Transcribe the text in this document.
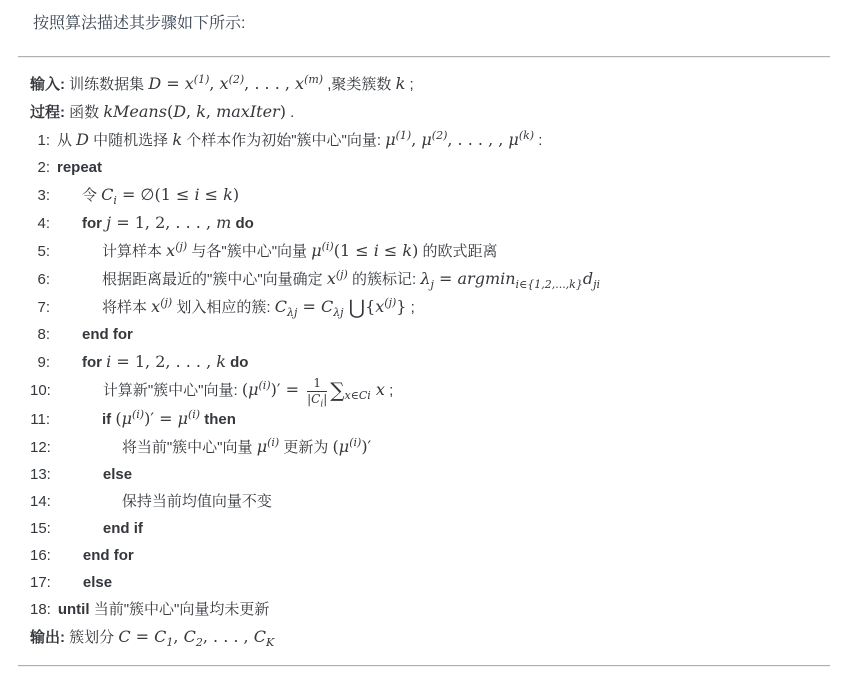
按照算法描述其步骤如下所示:

输入: 训练数据集 $D = x^{(1)}$, $x^{(2)}$, . . . , $x^{(m)}$ ,聚类簇数 k ;
过程: 函数 kMeans(D, k, maxIter) .
1: 从 D 中随机选择 k 个样本作为初始"簇中心"向量: $\mu^{(1)}$, $\mu^{(2)}$, . . . , , $\mu^{(k)}$ :
2: repeat
3: 令 $C_i$ = ∅(1 ≤ i ≤ k)
4: for j = 1, 2, . . . , m do
5:	计算样本 $x^{(j)}$ 与各"簇中心"向量 $\mu^{(i)}(1 \le i \le k)$ 的欧式距离
6:	根据距离最近的"簇中心"向量确定 $x^{(j)}$ 的簇标记: $\lambda_j = argmin_{i\in\{1,2,...,k\}}d_{ji}$
7:	将样本 $x^{(j)}$ 划入相应的簇: $C_{\lambda j} = C_{\lambda j}$ $⋃\{x^{(j)}\}$ ;
8: end for
9: for i = 1, 2, . . . , k do
10:	计算新"簇中心"向量: $(\mu^{(i)})' = \frac{1}{|C_i|} \sum_{x\in Ci}$ x ;
11:	if $(\mu^{(i)})' = \mu^{(i)}$ then
12:	将当前"簇中心"向量 $\mu^{(i)}$ 更新为 $(\mu^{(i)})'$
13:	else
14:	保持当前均值向量不变
15:	end if
16: end for
17: else
18: until 当前"簇中心"向量均未更新
输出: 簇划分 $C = C_1$, $C_2$, . . . , $C_K$
